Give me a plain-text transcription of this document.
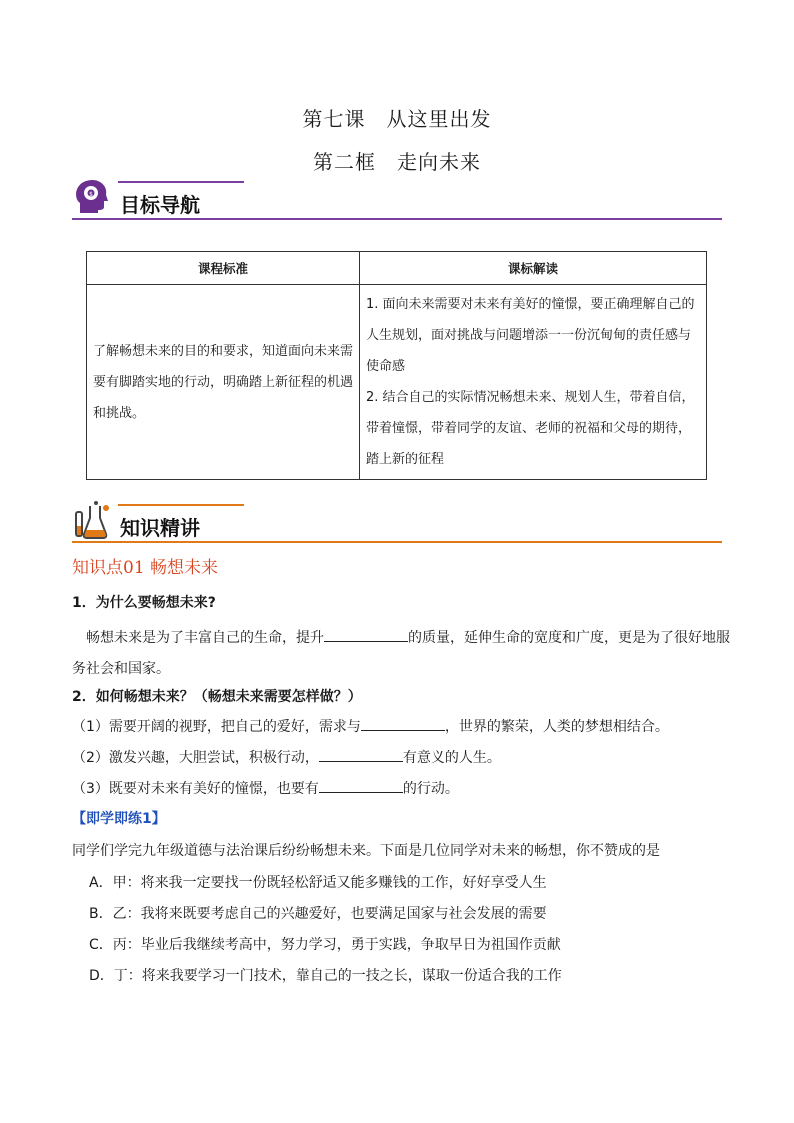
第七课　从这里出发
第二框　走向未来
$ 目标导航
课程标准	课标解读
了解畅想未来的目的和要求，知道面向未来需要有脚踏实地的行动，明确踏上新征程的机遇和挑战。	1. 面向未来需要对未来有美好的憧憬，要正确理解自己的人生规划，面对挑战与问题增添一一份沉甸甸的责任感与使命感
2. 结合自己的实际情况畅想未来、规划人生，带着自信，带着憧憬，带着同学的友谊、老师的祝福和父母的期待，踏上新的征程
知识精讲
知识点01 畅想未来
1．为什么要畅想未来?
畅想未来是为了丰富自己的生命，提升	的质量，延伸生命的宽度和广度，更是为了很好地服务社会和国家。
2．如何畅想未来？（畅想未来需要怎样做？）
（1）需要开阔的视野，把自己的爱好，需求与	，世界的繁荣，人类的梦想相结合。
（2）激发兴趣，大胆尝试，积极行动，	有意义的人生。
（3）既要对未来有美好的憧憬，也要有	的行动。
【即学即练1】
同学们学完九年级道德与法治课后纷纷畅想未来。下面是几位同学对未来的畅想，你不赞成的是
A．甲：将来我一定要找一份既轻松舒适又能多赚钱的工作，好好享受人生
B．乙：我将来既要考虑自己的兴趣爱好，也要满足国家与社会发展的需要
C．丙：毕业后我继续考高中，努力学习，勇于实践，争取早日为祖国作贡献
D．丁：将来我要学习一门技术，靠自己的一技之长，谋取一份适合我的工作
